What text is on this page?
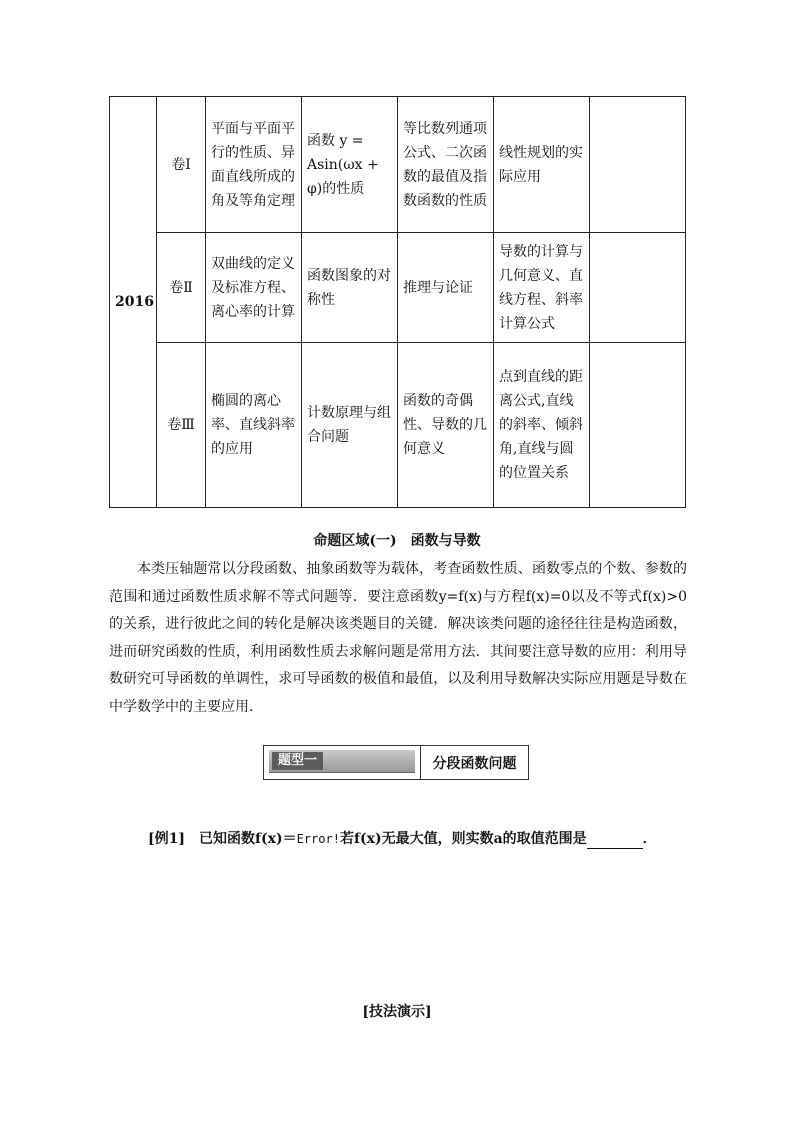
2016	卷Ⅰ	平面与平面平行的性质、异面直线所成的角及等角定理	函数 y = Asin(ωx + φ)的性质	等比数列通项公式、二次函数的最值及指数函数的性质	线性规划的实际应用	
	卷Ⅱ	双曲线的定义及标准方程、离心率的计算	函数图象的对称性	推理与论证	导数的计算与几何意义、直线方程、斜率计算公式	
	卷Ⅲ	椭圆的离心率、直线斜率的应用	计数原理与组合问题	函数的奇偶性、导数的几何意义	点到直线的距离公式,直线的斜率、倾斜角,直线与圆的位置关系	
命题区域(一)　函数与导数

本类压轴题常以分段函数、抽象函数等为载体，考查函数性质、函数零点的个数、参数的范围和通过函数性质求解不等式问题等．要注意函数y=f(x)与方程f(x)=0以及不等式f(x)>0的关系，进行彼此之间的转化是解决该类题目的关键．解决该类问题的途径往往是构造函数，进而研究函数的性质，利用函数性质去求解问题是常用方法．其间要注意导数的应用：利用导数研究可导函数的单调性，求可导函数的极值和最值，以及利用导数解决实际应用题是导数在中学数学中的主要应用．

题型一	分段函数问题
[例1]　已知函数f(x)＝Error!若f(x)无最大值，则实数a的取值范围是	．
[技法演示]
